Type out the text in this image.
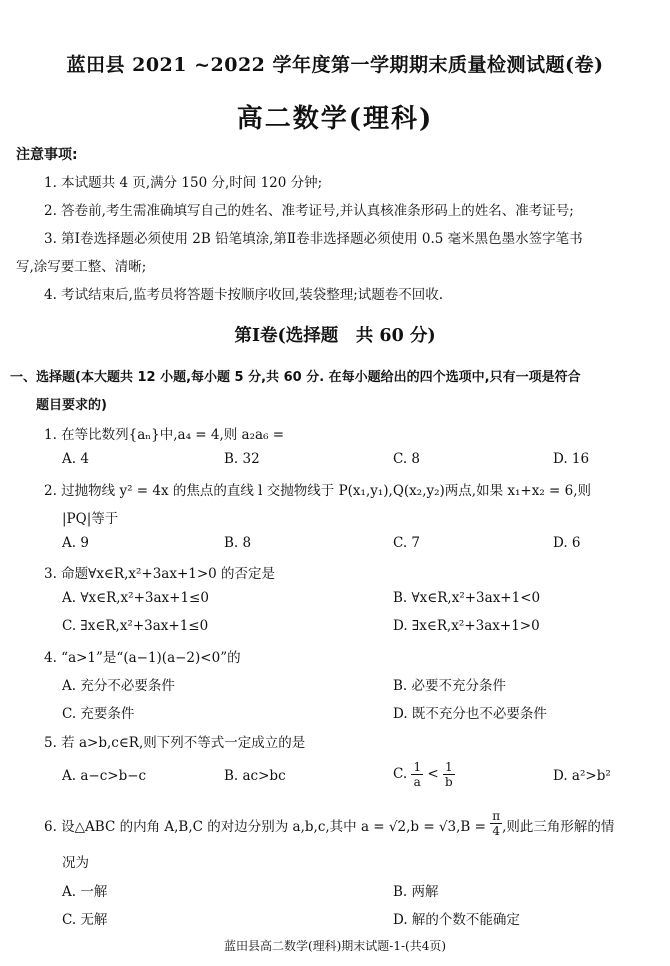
蓝田县 2021 ~2022 学年度第一学期期末质量检测试题(卷)
高二数学(理科)
注意事项:
1. 本试题共 4 页,满分 150 分,时间 120 分钟;
2. 答卷前,考生需准确填写自己的姓名、准考证号,并认真核准条形码上的姓名、准考证号;
3. 第Ⅰ卷选择题必须使用 2B 铅笔填涂,第Ⅱ卷非选择题必须使用 0.5 毫米黑色墨水签字笔书
写,涂写要工整、清晰;
4. 考试结束后,监考员将答题卡按顺序收回,装袋整理;试题卷不回收.
第Ⅰ卷(选择题　共 60 分)
一、选择题(本大题共 12 小题,每小题 5 分,共 60 分. 在每小题给出的四个选项中,只有一项是符合
题目要求的)
1. 在等比数列{aₙ}中,a₄ = 4,则 a₂a₆ =
A. 4	B. 32	C. 8	D. 16
2. 过抛物线 y² = 4x 的焦点的直线 l 交抛物线于 P(x₁,y₁),Q(x₂,y₂)两点,如果 x₁+x₂ = 6,则
|PQ|等于
A. 9	B. 8	C. 7	D. 6
3. 命题∀x∈R,x²+3ax+1>0 的否定是
A. ∀x∈R,x²+3ax+1≤0	B. ∀x∈R,x²+3ax+1<0
C. ∃x∈R,x²+3ax+1≤0	D. ∃x∈R,x²+3ax+1>0
4. “a>1”是“(a−1)(a−2)<0”的
A. 充分不必要条件	B. 必要不充分条件
C. 充要条件	D. 既不充分也不必要条件
5. 若 a>b,c∈R,则下列不等式一定成立的是
A. a−c>b−c	B. ac>bc	C. $\frac{1}{a} < \frac{1}{b}$	D. a²>b²
6. 设△ABC 的内角 A,B,C 的对边分别为 a,b,c,其中 $a = √2,b = √3,B = \frac{\pi}{4}$ ,则此三角形解的情
况为
A. 一解	B. 两解
C. 无解	D. 解的个数不能确定
蓝田县高二数学(理科)期末试题-1-(共4页)
